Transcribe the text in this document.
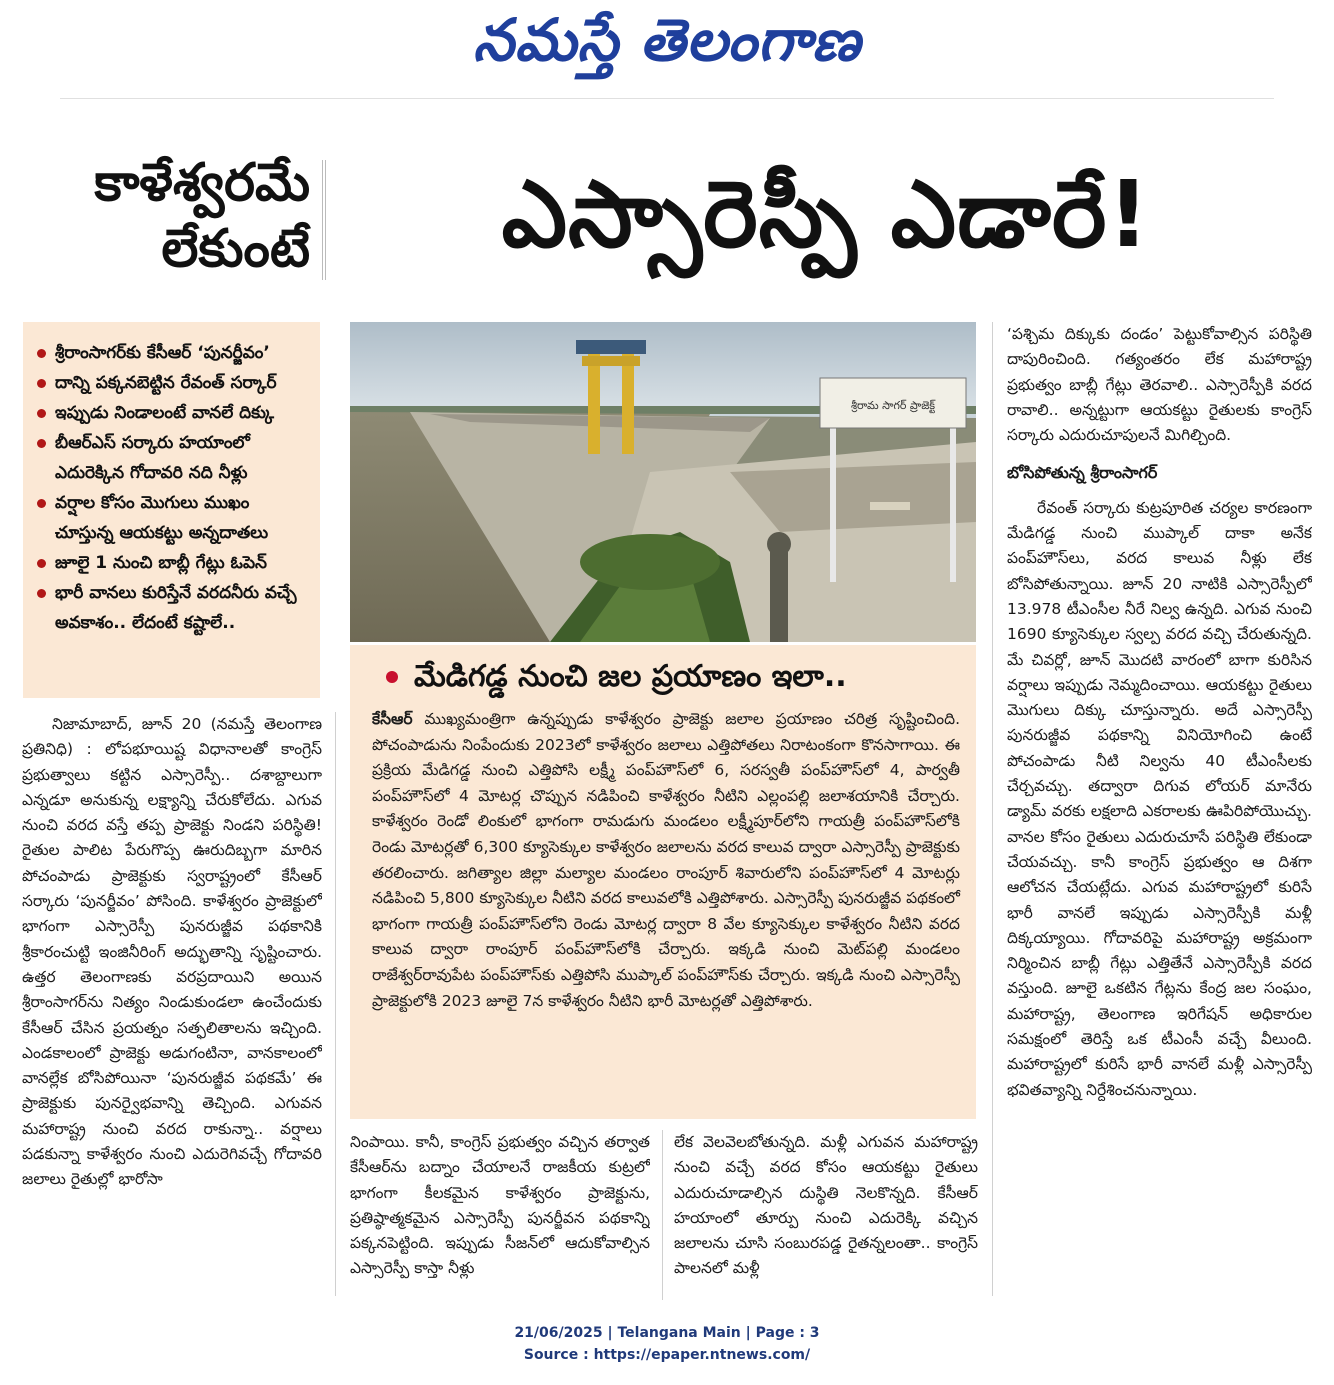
నమస్తే తెలంగాణ
కాళేశ్వరమే
లేకుంటే	ఎస్సారెస్పీ ఎడారే!
శ్రీరాంసాగర్‌కు కేసీఆర్ ‘పునర్జీవం’
దాన్ని పక్కనబెట్టిన రేవంత్ సర్కార్
ఇప్పుడు నిండాలంటే వానలే దిక్కు
బీఆర్‌ఎస్ సర్కారు హయాంలో ఎదురెక్కిన గోదావరి నది నీళ్లు
వర్షాల కోసం మొగులు ముఖం చూస్తున్న ఆయకట్టు అన్నదాతలు
జూలై 1 నుంచి బాబ్లీ గేట్లు ఓపెన్
భారీ వానలు కురిస్తేనే వరదనీరు వచ్చే అవకాశం.. లేదంటే కష్టాలే..
శ్రీరామ సాగర్ ప్రాజెక్ట్
మేడిగడ్డ నుంచి జల ప్రయాణం ఇలా..
కేసీఆర్ ముఖ్యమంత్రిగా ఉన్నప్పుడు కాళేశ్వరం ప్రాజెక్టు జలాల ప్రయాణం చరిత్ర సృష్టించింది. పోచంపాడును నింపేందుకు 2023లో కాళేశ్వరం జలాలు ఎత్తిపోతలు నిరాటంకంగా కొనసాగాయి. ఈ ప్రక్రియ మేడిగడ్డ నుంచి ఎత్తిపోసి లక్ష్మీ పంప్‌హౌస్‌లో 6, సరస్వతీ పంప్‌హౌస్‌లో 4, పార్వతీ పంప్‌హౌస్‌లో 4 మోటర్ల చొప్పున నడిపించి కాళేశ్వరం నీటిని ఎల్లంపల్లి జలాశయానికి చేర్చారు. కాళేశ్వరం రెండో లింకులో భాగంగా రామడుగు మండలం లక్ష్మీపూర్‌లోని గాయత్రీ పంప్‌హౌస్‌లోకి రెండు మోటర్లతో 6,300 క్యూసెక్కుల కాళేశ్వరం జలాలను వరద కాలువ ద్వారా ఎస్సారెస్పీ ప్రాజెక్టుకు తరలించారు. జగిత్యాల జిల్లా మల్యాల మండలం రాంపూర్ శివారులోని పంప్‌హౌస్‌లో 4 మోటర్లు నడిపించి 5,800 క్యూసెక్కుల నీటిని వరద కాలువలోకి ఎత్తిపోశారు. ఎస్సారెస్పీ పునరుజ్జీవ పథకంలో భాగంగా గాయత్రీ పంప్‌హౌస్‌లోని రెండు మోటర్ల ద్వారా 8 వేల క్యూసెక్కుల కాళేశ్వరం నీటిని వరద కాలువ ద్వారా రాంపూర్ పంప్‌హౌస్‌లోకి చేర్చారు. ఇక్కడి నుంచి మెట్‌పల్లి మండలం రాజేశ్వర్‌రావుపేట పంప్‌హౌస్‌కు ఎత్తిపోసి ముప్కాల్ పంప్‌హౌస్‌కు చేర్చారు. ఇక్కడి నుంచి ఎస్సారెస్పీ ప్రాజెక్టులోకి 2023 జూలై 7న కాళేశ్వరం నీటిని భారీ మోటర్లతో ఎత్తిపోశారు.

నిజామాబాద్, జూన్ 20 (నమస్తే తెలంగాణ ప్రతినిధి) : లోపభూయిష్ట విధానాలతో కాంగ్రెస్ ప్రభుత్వాలు కట్టిన ఎస్సారెస్పీ.. దశాబ్దాలుగా ఎన్నడూ అనుకున్న లక్ష్యాన్ని చేరుకోలేదు. ఎగువ నుంచి వరద వస్తే తప్ప ప్రాజెక్టు నిండని పరిస్థితి! రైతుల పాలిట పేరుగొప్ప ఊరుదిబ్బగా మారిన పోచంపాడు ప్రాజెక్టుకు స్వరాష్ట్రంలో కేసీఆర్ సర్కారు ‘పునర్జీవం’ పోసింది. కాళేశ్వరం ప్రాజెక్టులో భాగంగా ఎస్సారెస్పీ పునరుజ్జీవ పథకానికి శ్రీకారంచుట్టి ఇంజినీరింగ్ అద్భుతాన్ని సృష్టించారు. ఉత్తర తెలంగాణకు వరప్రదాయిని అయిన శ్రీరాంసాగర్‌ను నిత్యం నిండుకుండలా ఉంచేందుకు కేసీఆర్ చేసిన ప్రయత్నం సత్ఫలితాలను ఇచ్చింది. ఎండకాలంలో ప్రాజెక్టు అడుగంటినా, వానకాలంలో వానల్లేక బోసిపోయినా ‘పునరుజ్జీవ పథకమే’ ఈ ప్రాజెక్టుకు పునర్వైభవాన్ని తెచ్చింది. ఎగువన మహారాష్ట్ర నుంచి వరద రాకున్నా.. వర్షాలు పడకున్నా కాళేశ్వరం నుంచి ఎదురెగివచ్చే గోదావరి జలాలు రైతుల్లో భారోసా

నింపాయి. కానీ, కాంగ్రెస్ ప్రభుత్వం వచ్చిన తర్వాత కేసీఆర్‌ను బద్నాం చేయాలనే రాజకీయ కుట్రలో భాగంగా కీలకమైన కాళేశ్వరం ప్రాజెక్టును, ప్రతిష్ఠాత్మకమైన ఎస్సారెస్పీ పునర్జీవన పథకాన్ని పక్కనపెట్టింది. ఇప్పుడు సీజన్‌లో ఆదుకోవాల్సిన ఎస్సారెస్పీ కాస్తా నీళ్లు

లేక వెలవెలబోతున్నది. మళ్లీ ఎగువన మహారాష్ట్ర నుంచి వచ్చే వరద కోసం ఆయకట్టు రైతులు ఎదురుచూడాల్సిన దుస్థితి నెలకొన్నది. కేసీఆర్ హయాంలో తూర్పు నుంచి ఎదురెక్కి వచ్చిన జలాలను చూసి సంబురపడ్డ రైతన్నలంతా.. కాంగ్రెస్ పాలనలో మళ్లీ

‘పశ్చిమ దిక్కుకు దండం’ పెట్టుకోవాల్సిన పరిస్థితి దాపురించింది. గత్యంతరం లేక మహారాష్ట్ర ప్రభుత్వం బాబ్లీ గేట్లు తెరవాలి.. ఎస్సారెస్పీకి వరద రావాలి.. అన్నట్టుగా ఆయకట్టు రైతులకు కాంగ్రెస్ సర్కారు ఎదురుచూపులనే మిగిల్చింది.

బోసిపోతున్న శ్రీరాంసాగర్

రేవంత్ సర్కారు కుట్రపూరిత చర్యల కారణంగా మేడిగడ్డ నుంచి ముప్కాల్ దాకా అనేక పంప్‌హౌస్‌లు, వరద కాలువ నీళ్లు లేక బోసిపోతున్నాయి. జూన్ 20 నాటికి ఎస్సారెస్పీలో 13.978 టీఎంసీల నీరే నిల్వ ఉన్నది. ఎగువ నుంచి 1690 క్యూసెక్కుల స్వల్ప వరద వచ్చి చేరుతున్నది. మే చివర్లో, జూన్ మొదటి వారంలో బాగా కురిసిన వర్షాలు ఇప్పుడు నెమ్మదించాయి. ఆయకట్టు రైతులు మొగులు దిక్కు చూస్తున్నారు. అదే ఎస్సారెస్పీ పునరుజ్జీవ పథకాన్ని వినియోగించి ఉంటే పోచంపాడు నీటి నిల్వను 40 టీఎంసీలకు చేర్చవచ్చు. తద్వారా దిగువ లోయర్ మానేరు డ్యామ్ వరకు లక్షలాది ఎకరాలకు ఊపిరిపోయొచ్చు. వానల కోసం రైతులు ఎదురుచూసే పరిస్థితి లేకుండా చేయవచ్చు. కానీ కాంగ్రెస్ ప్రభుత్వం ఆ దిశగా ఆలోచన చేయట్లేదు. ఎగువ మహారాష్ట్రలో కురిసే భారీ వానలే ఇప్పుడు ఎస్సారెస్పీకి మళ్లీ దిక్కయ్యాయి. గోదావరిపై మహారాష్ట్ర అక్రమంగా నిర్మించిన బాబ్లీ గేట్లు ఎత్తితేనే ఎస్సారెస్పీకి వరద వస్తుంది. జూలై ఒకటిన గేట్లను కేంద్ర జల సంఘం, మహారాష్ట్ర, తెలంగాణ ఇరిగేషన్ అధికారుల సమక్షంలో తెరిస్తే ఒక టీఎంసీ వచ్చే వీలుంది. మహారాష్ట్రలో కురిసే భారీ వానలే మళ్లీ ఎస్సారెస్పీ భవితవ్యాన్ని నిర్దేశించనున్నాయి.

21/06/2025 | Telangana Main | Page : 3
Source : https://epaper.ntnews.com/
